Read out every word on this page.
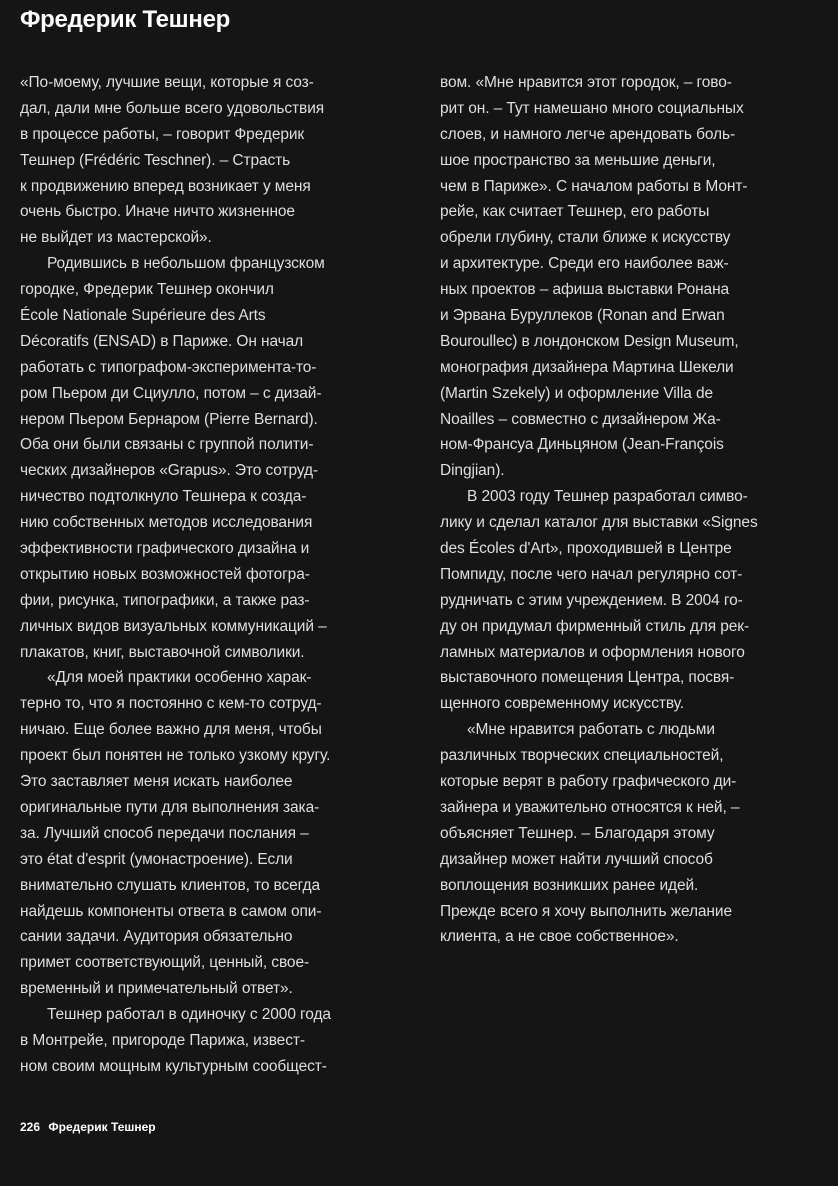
Фредерик Тешнер
«По-моему, лучшие вещи, которые я соз-
дал, дали мне больше всего удовольствия
в процессе работы, – говорит Фредерик
Тешнер (Frédéric Teschner). – Страсть
к продвижению вперед возникает у меня
очень быстро. Иначе ничто жизненное
не выйдет из мастерской».
Родившись в небольшом французском
городке, Фредерик Тешнер окончил
École Nationale Supérieure des Arts
Décoratifs (ENSAD) в Париже. Он начал
работать с типографом-эксперимента-то-
ром Пьером ди Сциулло, потом – с дизай-
нером Пьером Бернаром (Pierre Bernard).
Оба они были связаны с группой полити-
ческих дизайнеров «Grapus». Это сотруд-
ничество подтолкнуло Тешнера к созда-
нию собственных методов исследования
эффективности графического дизайна и
открытию новых возможностей фотогра-
фии, рисунка, типографики, а также раз-
личных видов визуальных коммуникаций –
плакатов, книг, выставочной символики.
«Для моей практики особенно харак-
терно то, что я постоянно с кем-то сотруд-
ничаю. Еще более важно для меня, чтобы
проект был понятен не только узкому кругу.
Это заставляет меня искать наиболее
оригинальные пути для выполнения зака-
за. Лучший способ передачи послания –
это état d'esprit (умонастроение). Если
внимательно слушать клиентов, то всегда
найдешь компоненты ответа в самом опи-
сании задачи. Аудитория обязательно
примет соответствующий, ценный, свое-
временный и примечательный ответ».
Тешнер работал в одиночку с 2000 года
в Монтрейе, пригороде Парижа, извест-
ном своим мощным культурным сообщест-
вом. «Мне нравится этот городок, – гово-
рит он. – Тут намешано много социальных
слоев, и намного легче арендовать боль-
шое пространство за меньшие деньги,
чем в Париже». С началом работы в Монт-
рейе, как считает Тешнер, его работы
обрели глубину, стали ближе к искусству
и архитектуре. Среди его наиболее важ-
ных проектов – афиша выставки Ронана
и Эрвана Буруллеков (Ronan and Erwan
Bouroullec) в лондонском Design Museum,
монография дизайнера Мартина Шекели
(Martin Szekely) и оформление Villa de
Noailles – совместно с дизайнером Жа-
ном-Франсуа Диньцяном (Jean-François
Dingjian).
В 2003 году Тешнер разработал симво-
лику и сделал каталог для выставки «Signes
des Écoles d'Art», проходившей в Центре
Помпиду, после чего начал регулярно сот-
рудничать с этим учреждением. В 2004 го-
ду он придумал фирменный стиль для рек-
ламных материалов и оформления нового
выставочного помещения Центра, посвя-
щенного современному искусству.
«Мне нравится работать с людьми
различных творческих специальностей,
которые верят в работу графического ди-
зайнера и уважительно относятся к ней, –
объясняет Тешнер. – Благодаря этому
дизайнер может найти лучший способ
воплощения возникших ранее идей.
Прежде всего я хочу выполнить желание
клиента, а не свое собственное».
226 Фредерик Тешнер
